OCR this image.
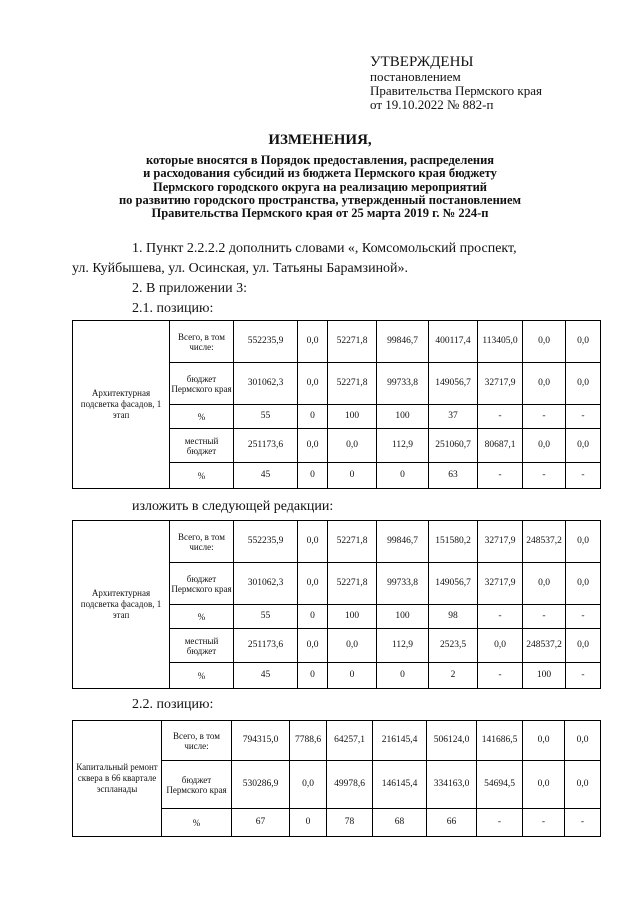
УТВЕРЖДЕНЫ
постановлением
Правительства Пермского края
от 19.10.2022 № 882-п
ИЗМЕНЕНИЯ,
которые вносятся в Порядок предоставления, распределения
и расходования субсидий из бюджета Пермского края бюджету
Пермского городского округа на реализацию мероприятий
по развитию городского пространства, утвержденный постановлением
Правительства Пермского края от 25 марта 2019 г. № 224-п
1. Пункт 2.2.2.2 дополнить словами «, Комсомольский проспект,
ул. Куйбышева, ул. Осинская, ул. Татьяны Барамзиной».
2. В приложении 3:
2.1. позицию:
Архитектурная подсветка фасадов, 1 этап	Всего, в том числе:	552235,9	0,0	52271,8	99846,7	400117,4	113405,0	0,0	0,0
	бюджет Пермского края	301062,3	0,0	52271,8	99733,8	149056,7	32717,9	0,0	0,0
	%	55	0	100	100	37	-	-	-
	местный бюджет	251173,6	0,0	0,0	112,9	251060,7	80687,1	0,0	0,0
	%	45	0	0	0	63	-	-	-
изложить в следующей редакции:
Архитектурная подсветка фасадов, 1 этап	Всего, в том числе:	552235,9	0,0	52271,8	99846,7	151580,2	32717,9	248537,2	0,0
	бюджет Пермского края	301062,3	0,0	52271,8	99733,8	149056,7	32717,9	0,0	0,0
	%	55	0	100	100	98	-	-	-
	местный бюджет	251173,6	0,0	0,0	112,9	2523,5	0,0	248537,2	0,0
	%	45	0	0	0	2	-	100	-
2.2. позицию:
Капитальный ремонт сквера в 66 квартале эспланады	Всего, в том числе:	794315,0	7788,6	64257,1	216145,4	506124,0	141686,5	0,0	0,0
	бюджет Пермского края	530286,9	0,0	49978,6	146145,4	334163,0	54694,5	0,0	0,0
	%	67	0	78	68	66	-	-	-
